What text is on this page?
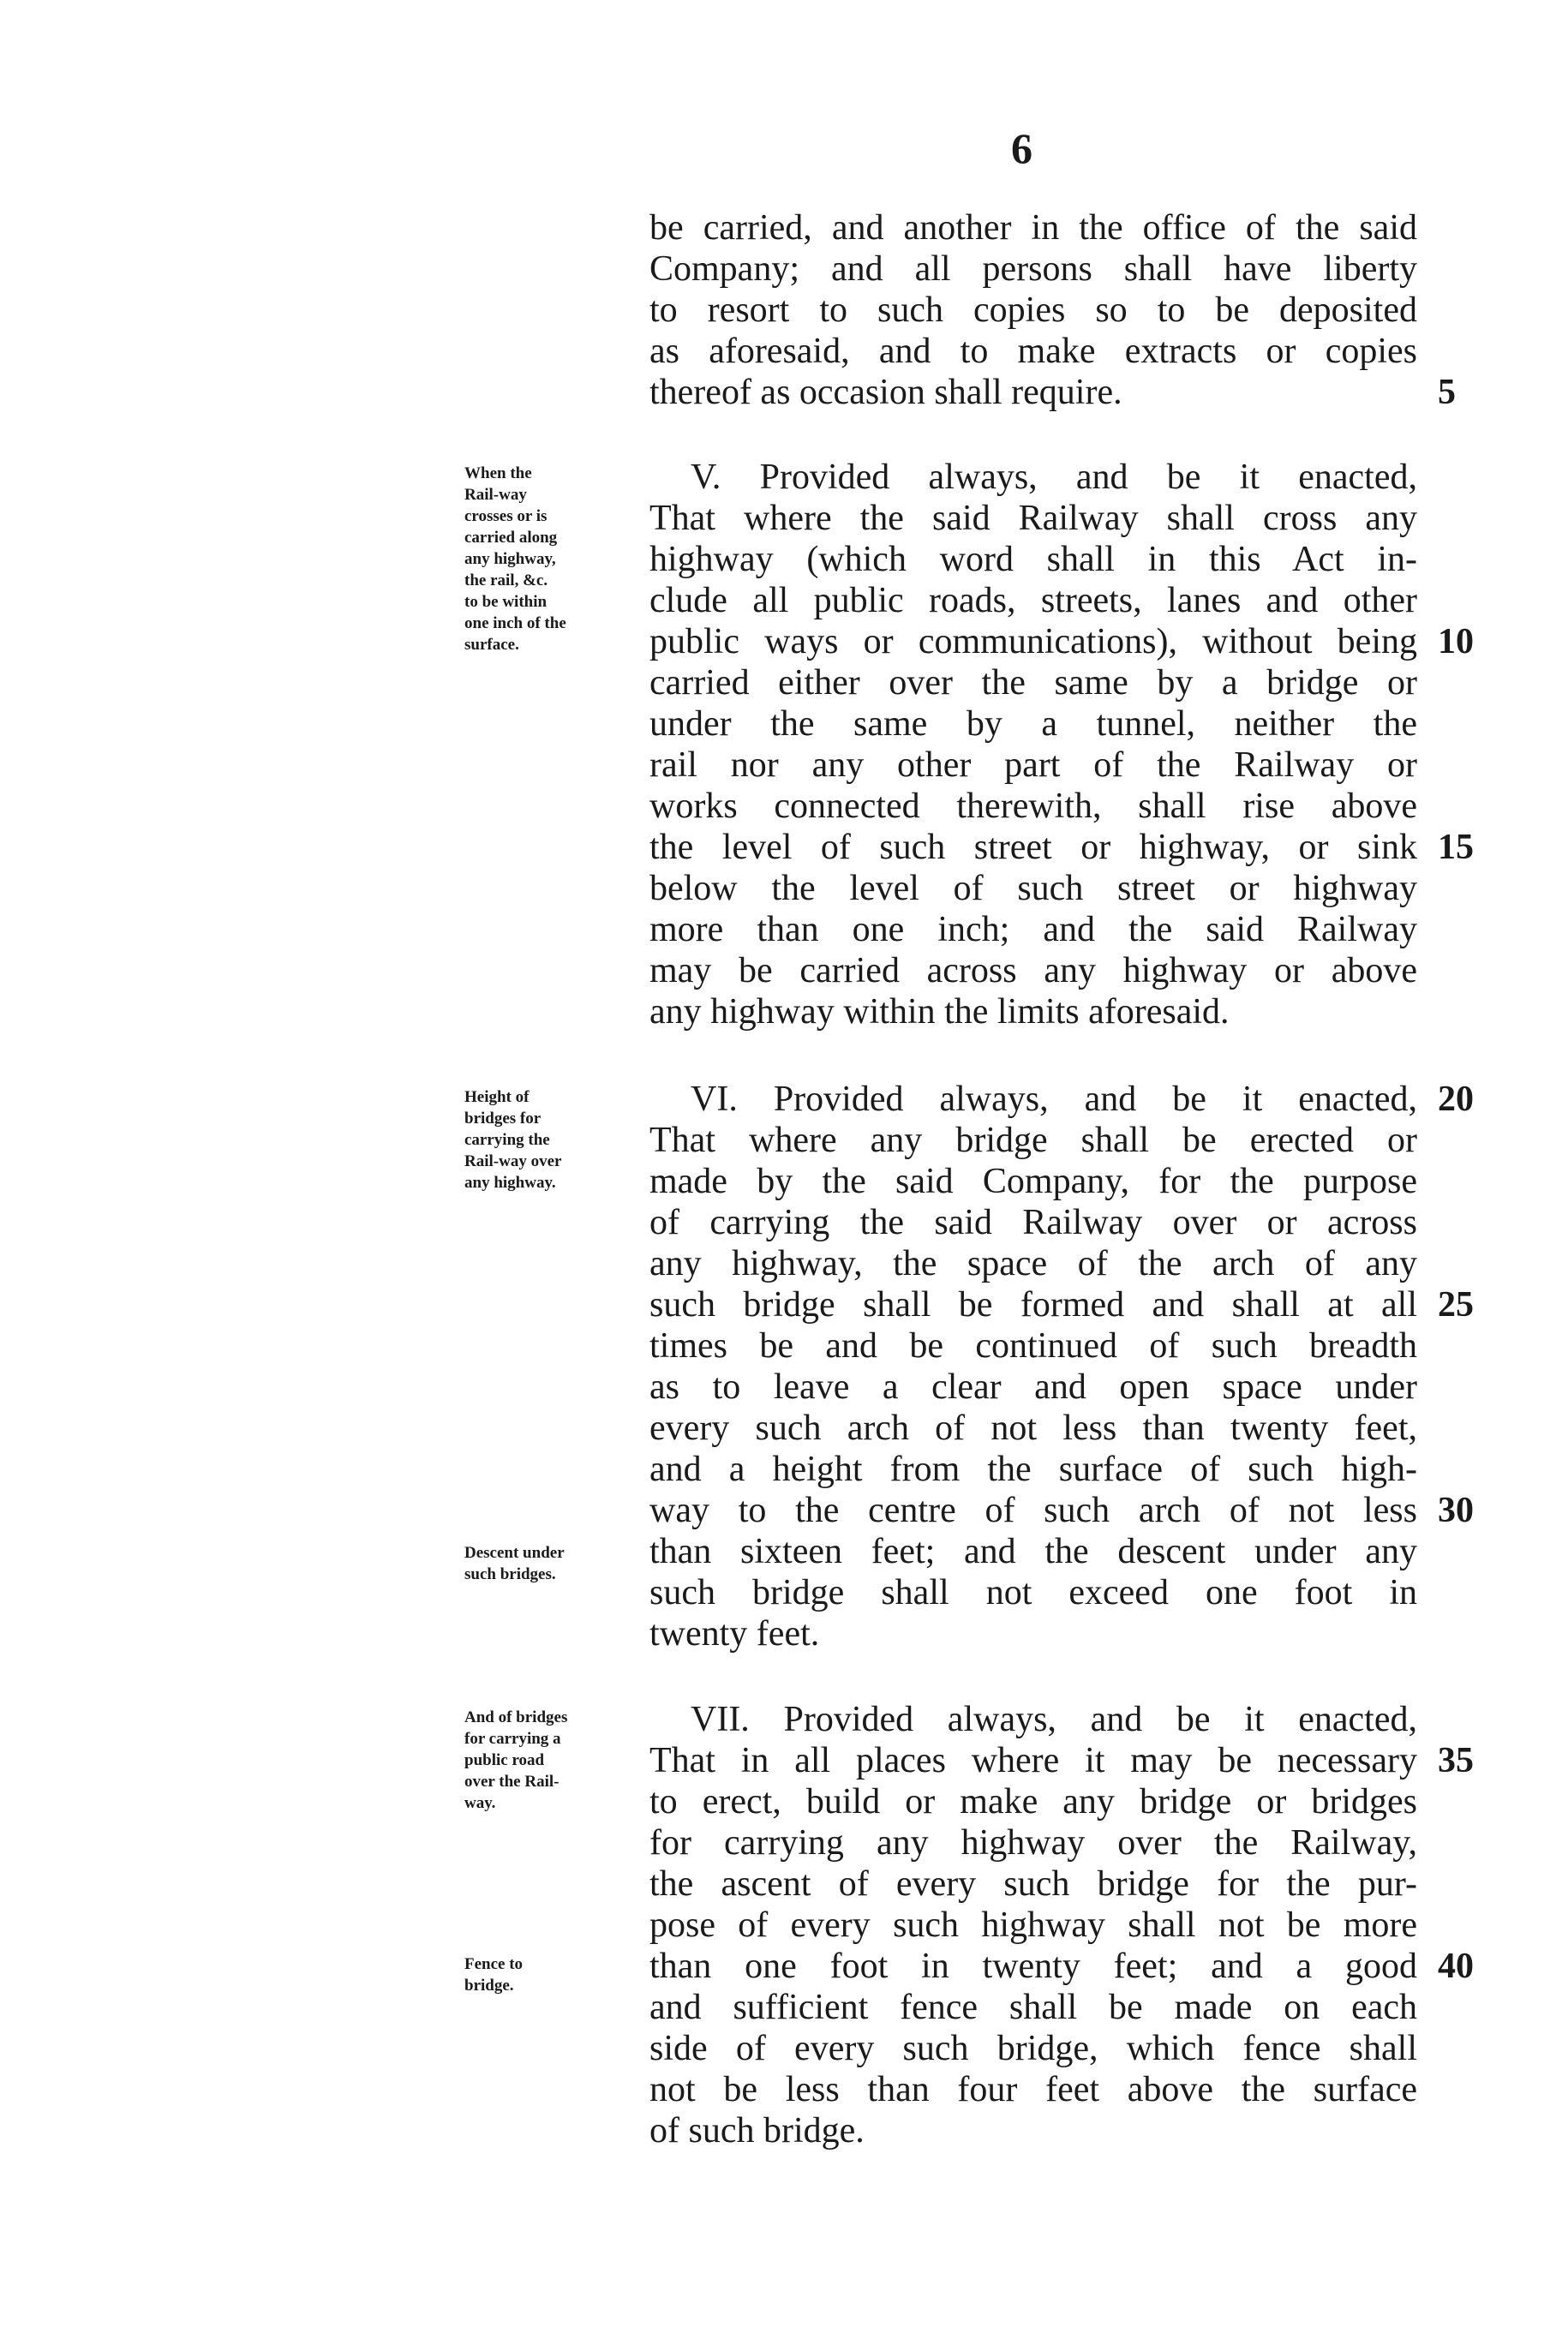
6
be carried, and another in the office of the said
Company; and all persons shall have liberty
to resort to such copies so to be deposited
as aforesaid, and to make extracts or copies
thereof as occasion shall require.
V. Provided always, and be it enacted,
That where the said Railway shall cross any
highway (which word shall in this Act in-
clude all public roads, streets, lanes and other
public ways or communications), without being
carried either over the same by a bridge or
under the same by a tunnel, neither the
rail nor any other part of the Railway or
works connected therewith, shall rise above
the level of such street or highway, or sink
below the level of such street or highway
more than one inch; and the said Railway
may be carried across any highway or above
any highway within the limits aforesaid.
VI. Provided always, and be it enacted,
That where any bridge shall be erected or
made by the said Company, for the purpose
of carrying the said Railway over or across
any highway, the space of the arch of any
such bridge shall be formed and shall at all
times be and be continued of such breadth
as to leave a clear and open space under
every such arch of not less than twenty feet,
and a height from the surface of such high-
way to the centre of such arch of not less
than sixteen feet; and the descent under any
such bridge shall not exceed one foot in
twenty feet.
VII. Provided always, and be it enacted,
That in all places where it may be necessary
to erect, build or make any bridge or bridges
for carrying any highway over the Railway,
the ascent of every such bridge for the pur-
pose of every such highway shall not be more
than one foot in twenty feet; and a good
and sufficient fence shall be made on each
side of every such bridge, which fence shall
not be less than four feet above the surface
of such bridge.
5
10
15
20
25
30
35
40
When the
Rail-way
crosses or is
carried along
any highway,
the rail, &c.
to be within
one inch of the
surface.
Height of
bridges for
carrying the
Rail-way over
any highway.
Descent under
such bridges.
And of bridges
for carrying a
public road
over the Rail-
way.
Fence to
bridge.
